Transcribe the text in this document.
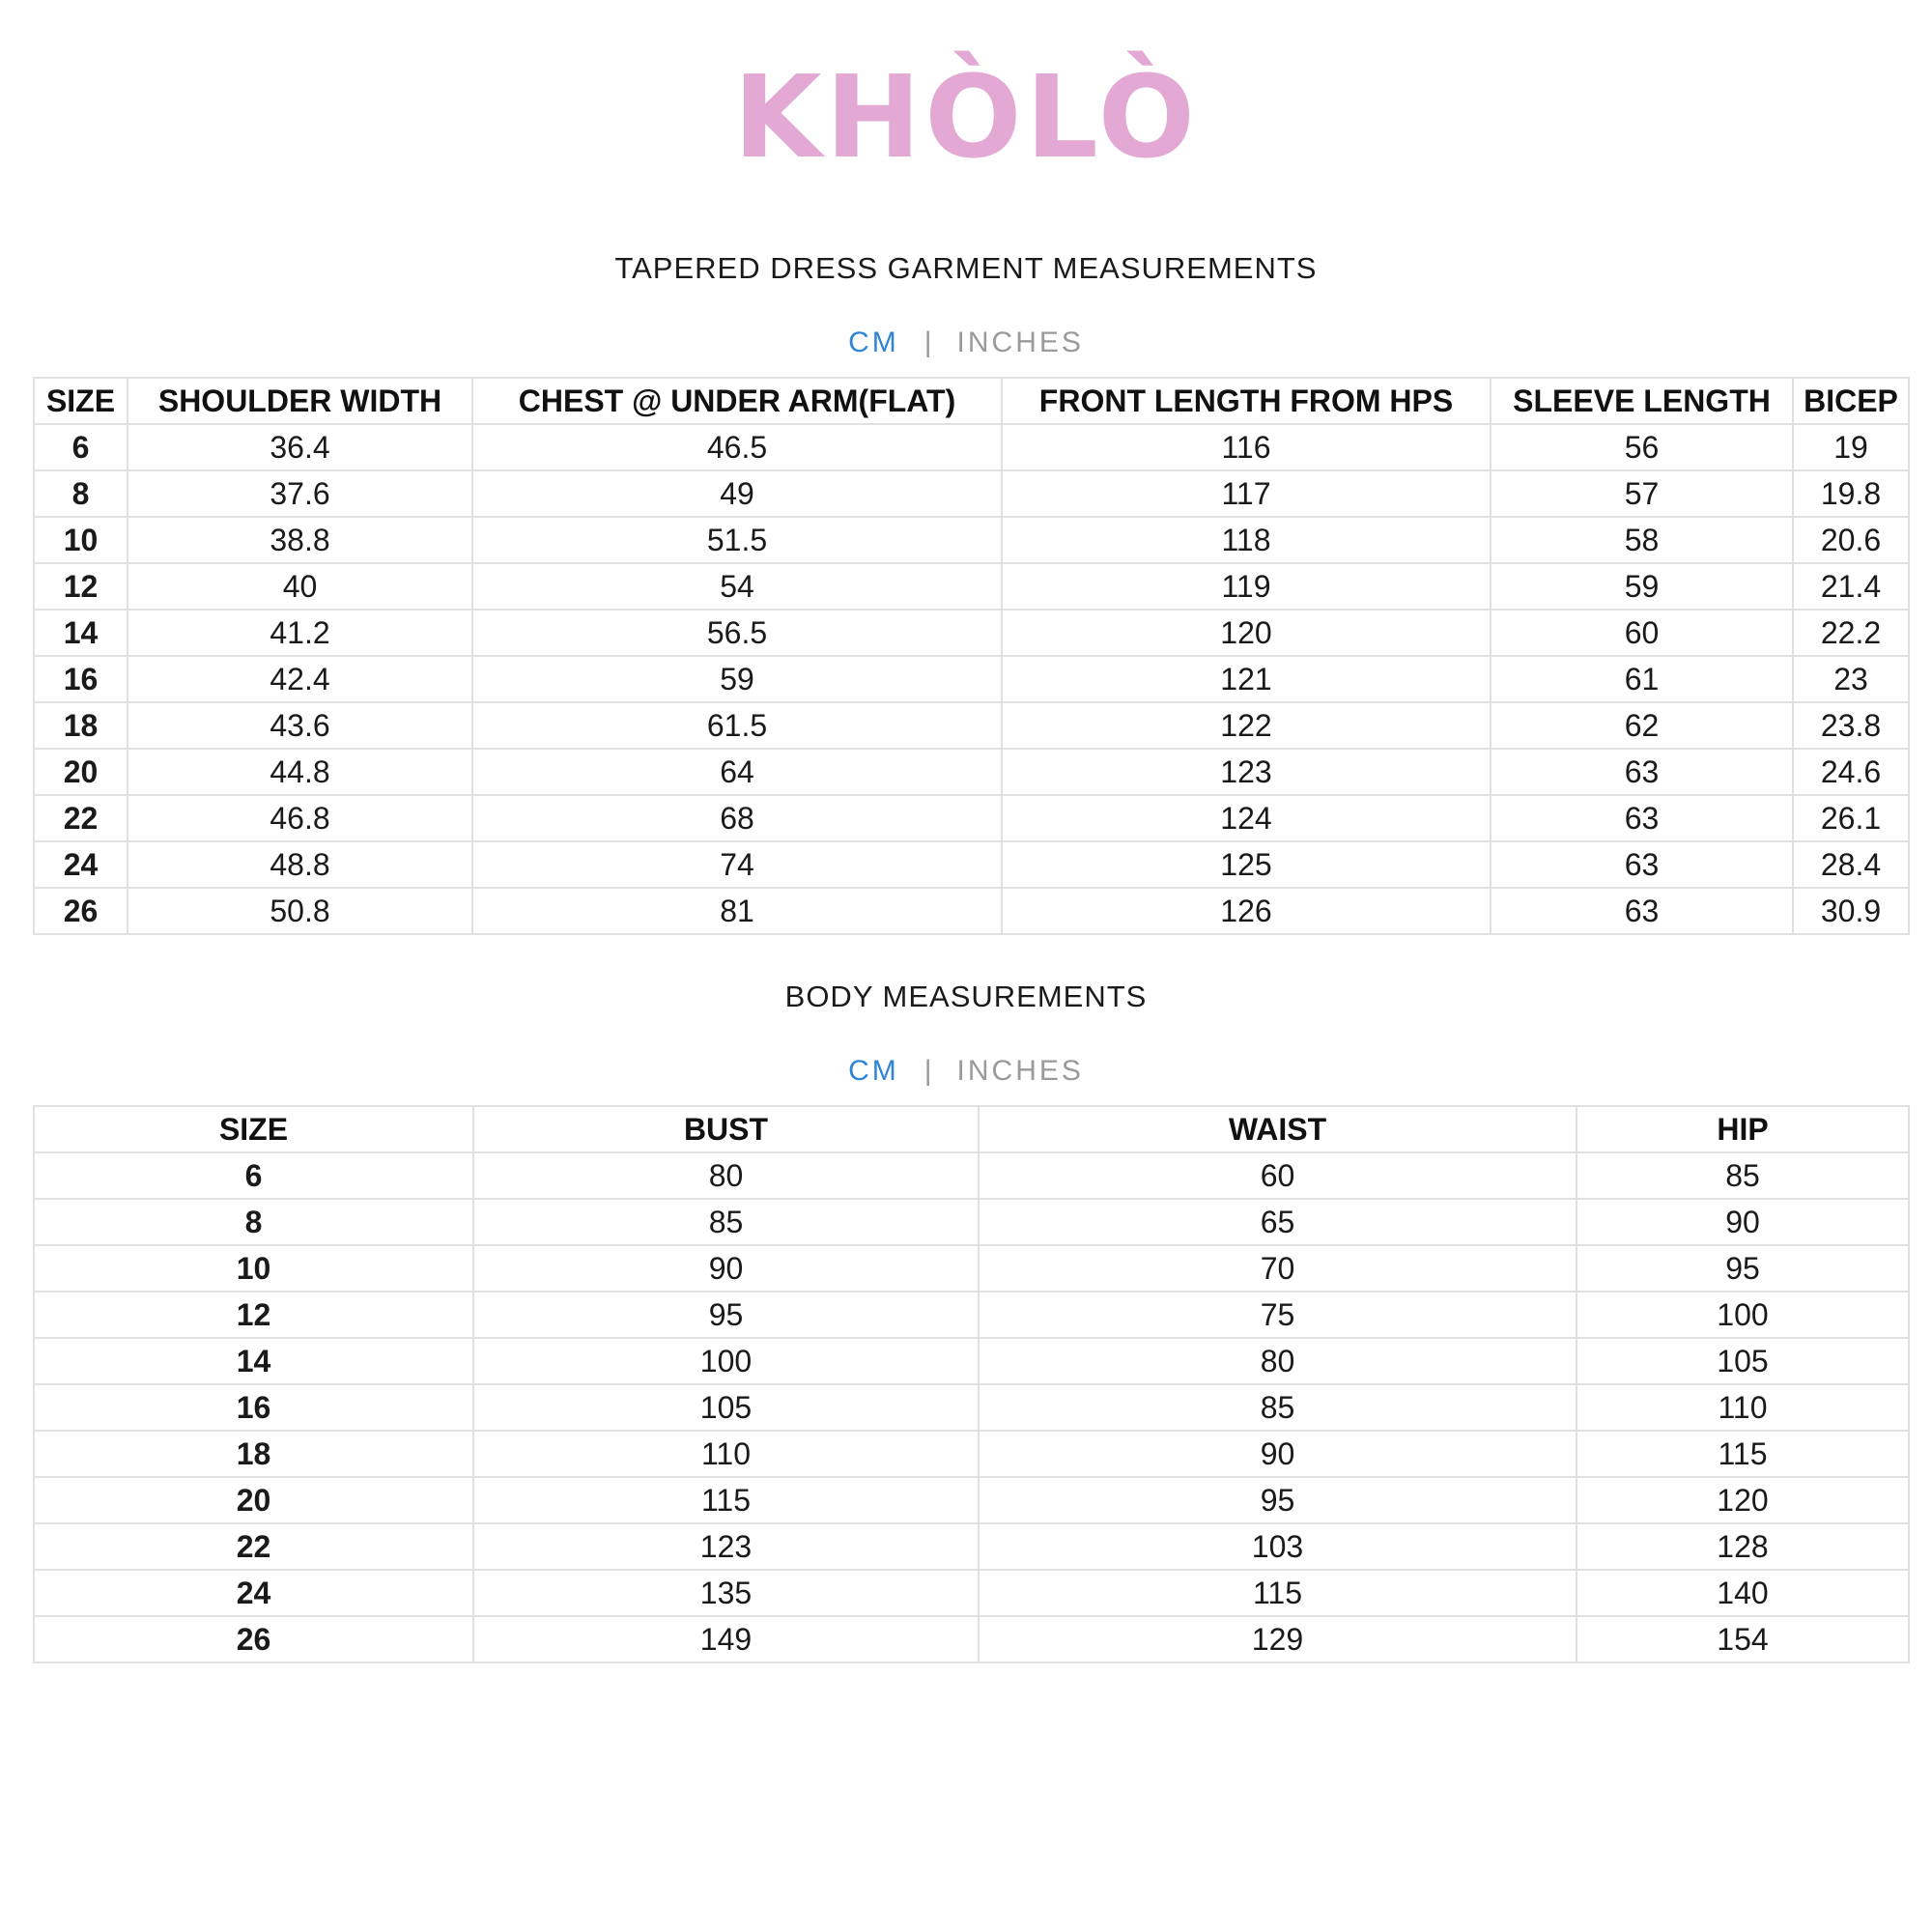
KHÒLÒ
TAPERED DRESS GARMENT MEASUREMENTS
CM | INCHES
SIZE	SHOULDER WIDTH	CHEST @ UNDER ARM(FLAT)	FRONT LENGTH FROM HPS	SLEEVE LENGTH	BICEP
6	36.4	46.5	116	56	19
8	37.6	49	117	57	19.8
10	38.8	51.5	118	58	20.6
12	40	54	119	59	21.4
14	41.2	56.5	120	60	22.2
16	42.4	59	121	61	23
18	43.6	61.5	122	62	23.8
20	44.8	64	123	63	24.6
22	46.8	68	124	63	26.1
24	48.8	74	125	63	28.4
26	50.8	81	126	63	30.9
BODY MEASUREMENTS
CM | INCHES
SIZE	BUST	WAIST	HIP
6	80	60	85
8	85	65	90
10	90	70	95
12	95	75	100
14	100	80	105
16	105	85	110
18	110	90	115
20	115	95	120
22	123	103	128
24	135	115	140
26	149	129	154
